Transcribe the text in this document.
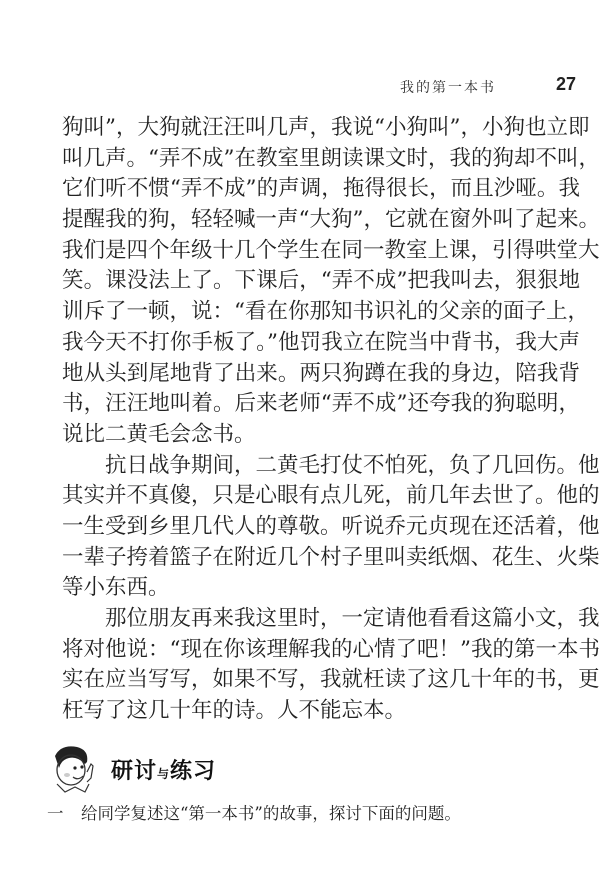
我的第一本书	27
狗叫”，大狗就汪汪叫几声，我说“小狗叫”，小狗也立即
叫几声。“弄不成”在教室里朗读课文时，我的狗却不叫，
它们听不惯“弄不成”的声调，拖得很长，而且沙哑。我
提醒我的狗，轻轻喊一声“大狗”，它就在窗外叫了起来。
我们是四个年级十几个学生在同一教室上课，引得哄堂大
笑。课没法上了。下课后，“弄不成”把我叫去，狠狠地
训斥了一顿，说：“看在你那知书识礼的父亲的面子上，
我今天不打你手板了。”他罚我立在院当中背书，我大声
地从头到尾地背了出来。两只狗蹲在我的身边，陪我背
书，汪汪地叫着。后来老师“弄不成”还夸我的狗聪明，
说比二黄毛会念书。
抗日战争期间，二黄毛打仗不怕死，负了几回伤。他
其实并不真傻，只是心眼有点儿死，前几年去世了。他的
一生受到乡里几代人的尊敬。听说乔元贞现在还活着，他
一辈子挎着篮子在附近几个村子里叫卖纸烟、花生、火柴
等小东西。
那位朋友再来我这里时，一定请他看看这篇小文，我
将对他说：“现在你该理解我的心情了吧！”我的第一本书
实在应当写写，如果不写，我就枉读了这几十年的书，更
枉写了这几十年的诗。人不能忘本。
研讨与练习
一 给同学复述这“第一本书”的故事，探讨下面的问题。
